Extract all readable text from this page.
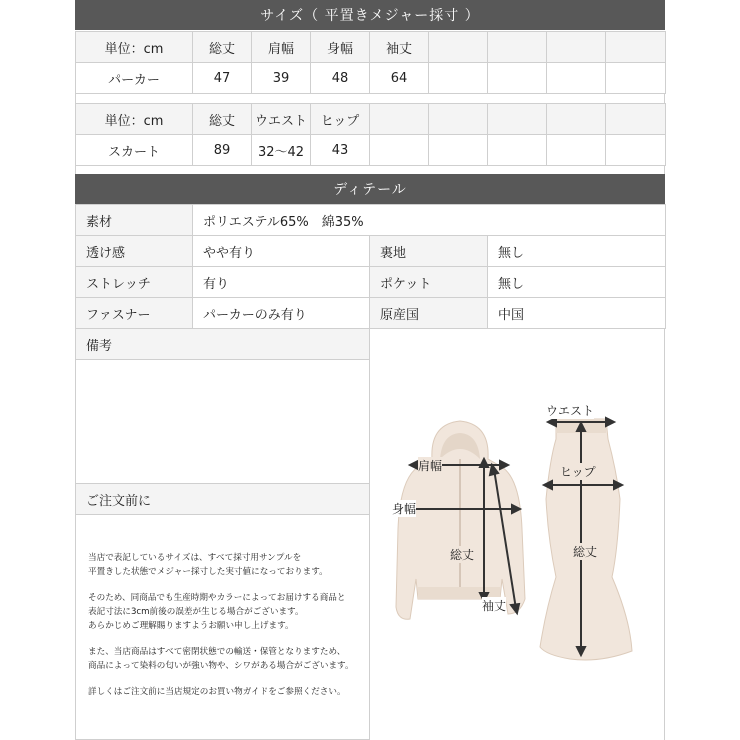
サイズ（ 平置きメジャー採寸 ）
単位：cm	総丈	肩幅	身幅	袖丈				
パーカー	47	39	48	64				
単位：cm	総丈	ウエスト	ヒップ					
スカート	89	32〜42	43					
ディテール
素材	ポリエステル65%　綿35%		
透け感	やや有り	裏地	無し
ストレッチ	有り	ポケット	無し
ファスナー	パーカーのみ有り	原産国	中国
備考
ご注文前に

当店で表記しているサイズは、すべて採寸用サンプルを
平置きした状態でメジャー採寸した実寸値になっております。

そのため、同商品でも生産時期やカラーによってお届けする商品と
表記寸法に3cm前後の誤差が生じる場合がございます。
あらかじめご理解賜りますようお願い申し上げます。

また、当店商品はすべて密閉状態での輸送・保管となりますため、
商品によって染料の匂いが強い物や、シワがある場合がございます。

詳しくはご注文前に当店規定のお買い物ガイドをご参照ください。

肩幅
身幅
総丈
袖丈
ウエスト
ヒップ
総丈
